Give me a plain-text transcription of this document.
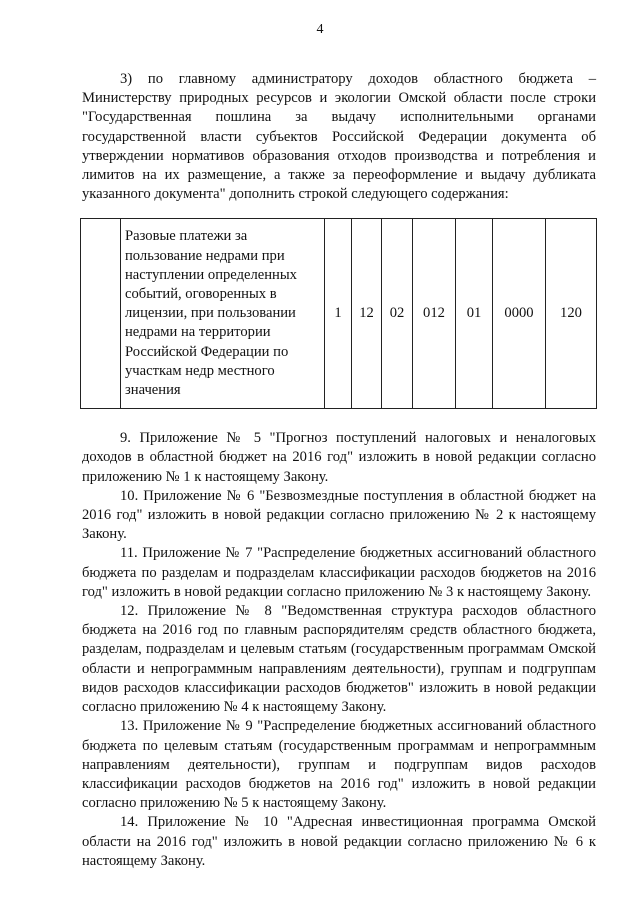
4

3) по главному администратору доходов областного бюджета – Министерству природных ресурсов и экологии Омской области после строки "Государственная пошлина за выдачу исполнительными органами государственной власти субъектов Российской Федерации документа об утверждении нормативов образования отходов производства и потребления и лимитов на их размещение, а также за переоформление и выдачу дубликата указанного документа" дополнить строкой следующего содержания:

	Разовые платежи за пользование недрами при наступлении определенных событий, оговоренных в лицензии, при пользовании недрами на территории Российской Федерации по участкам недр местного значения	1	12	02	012	01	0000	120

9. Приложение № 5 "Прогноз поступлений налоговых и неналоговых доходов в областной бюджет на 2016 год" изложить в новой редакции согласно приложению № 1 к настоящему Закону.

10. Приложение № 6 "Безвозмездные поступления в областной бюджет на 2016 год" изложить в новой редакции согласно приложению № 2 к настоящему Закону.

11. Приложение № 7 "Распределение бюджетных ассигнований областного бюджета по разделам и подразделам классификации расходов бюджетов на 2016 год" изложить в новой редакции согласно приложению № 3 к настоящему Закону.

12. Приложение № 8 "Ведомственная структура расходов областного бюджета на 2016 год по главным распорядителям средств областного бюджета, разделам, подразделам и целевым статьям (государственным программам Омской области и непрограммным направлениям деятельности), группам и подгруппам видов расходов классификации расходов бюджетов" изложить в новой редакции согласно приложению № 4 к настоящему Закону.

13. Приложение № 9 "Распределение бюджетных ассигнований областного бюджета по целевым статьям (государственным программам и непрограммным направлениям деятельности), группам и подгруппам видов расходов классификации расходов бюджетов на 2016 год" изложить в новой редакции согласно приложению № 5 к настоящему Закону.

14. Приложение № 10 "Адресная инвестиционная программа Омской области на 2016 год" изложить в новой редакции согласно приложению № 6 к настоящему Закону.
